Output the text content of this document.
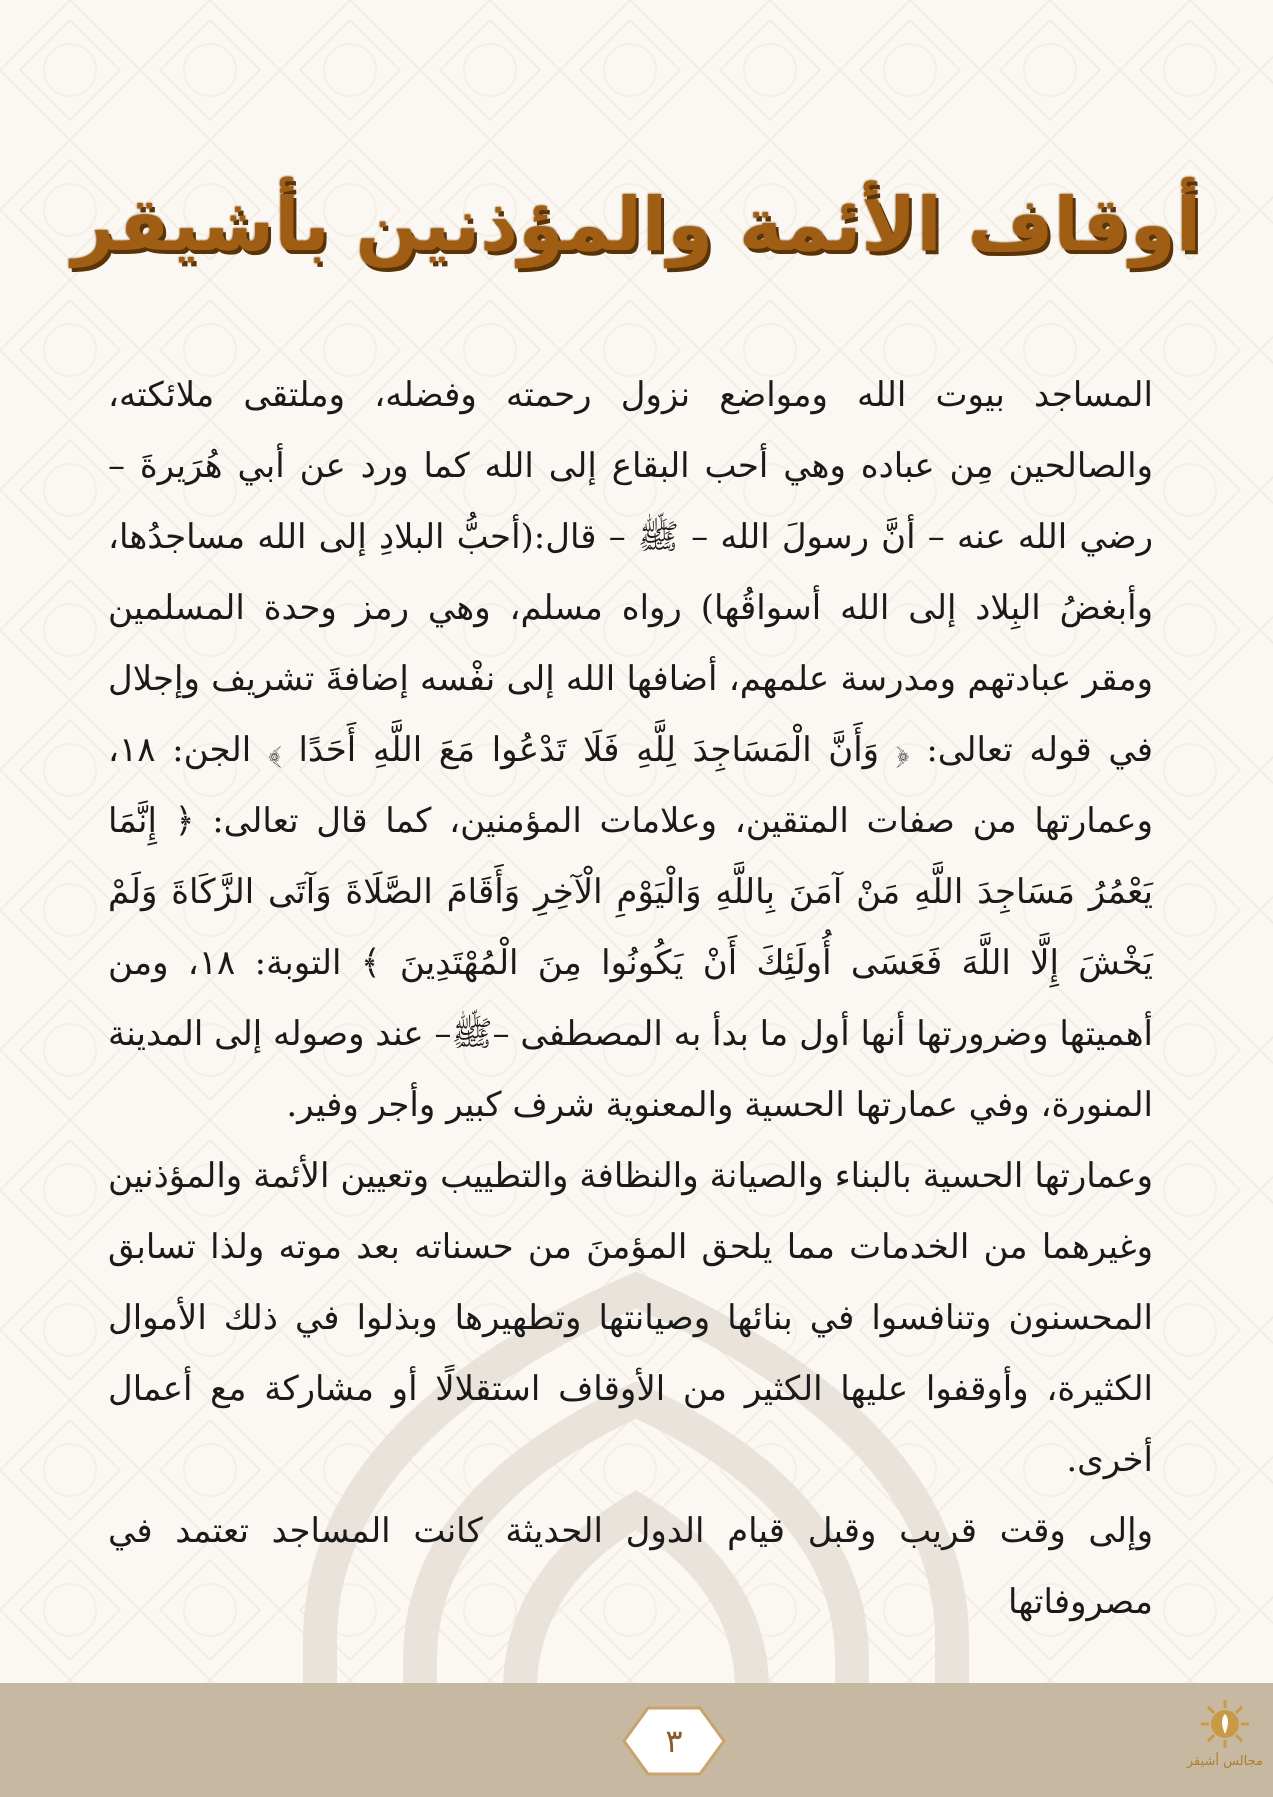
أوقاف الأئمة والمؤذنين بأشيقر

المساجد بيوت الله ومواضع نزول رحمته وفضله، وملتقى ملائكته، والصالحين مِن عباده وهي أحب البقاع إلى الله كما ورد عن أبي هُرَيرةَ – رضي الله عنه – أنَّ رسولَ الله – ﷺ – قال:(أحبُّ البلادِ إلى الله مساجدُها، وأبغضُ البِلاد إلى الله أسواقُها) رواه مسلم، وهي رمز وحدة المسلمين ومقر عبادتهم ومدرسة علمهم، أضافها الله إلى نفْسه إضافةَ تشريف وإجلال في قوله تعالى: ﴿ وَأَنَّ الْمَسَاجِدَ لِلَّهِ فَلَا تَدْعُوا مَعَ اللَّهِ أَحَدًا ﴾ الجن: ١٨، وعمارتها من صفات المتقين، وعلامات المؤمنين، كما قال تعالى: ﴿ إِنَّمَا يَعْمُرُ مَسَاجِدَ اللَّهِ مَنْ آمَنَ بِاللَّهِ وَالْيَوْمِ الْآخِرِ وَأَقَامَ الصَّلَاةَ وَآتَى الزَّكَاةَ وَلَمْ يَخْشَ إِلَّا اللَّهَ فَعَسَى أُولَئِكَ أَنْ يَكُونُوا مِنَ الْمُهْتَدِينَ ﴾ التوبة: ١٨، ومن أهميتها وضرورتها أنها أول ما بدأ به المصطفى –ﷺ– عند وصوله إلى المدينة المنورة، وفي عمارتها الحسية والمعنوية شرف كبير وأجر وفير.

وعمارتها الحسية بالبناء والصيانة والنظافة والتطييب وتعيين الأئمة والمؤذنين وغيرهما من الخدمات مما يلحق المؤمنَ من حسناته بعد موته ولذا تسابق المحسنون وتنافسوا في بنائها وصيانتها وتطهيرها وبذلوا في ذلك الأموال الكثيرة، وأوقفوا عليها الكثير من الأوقاف استقلالًا أو مشاركة مع أعمال أخرى.

وإلى وقت قريب وقبل قيام الدول الحديثة كانت المساجد تعتمد في مصروفاتها

٣
مجالس أشيقر
